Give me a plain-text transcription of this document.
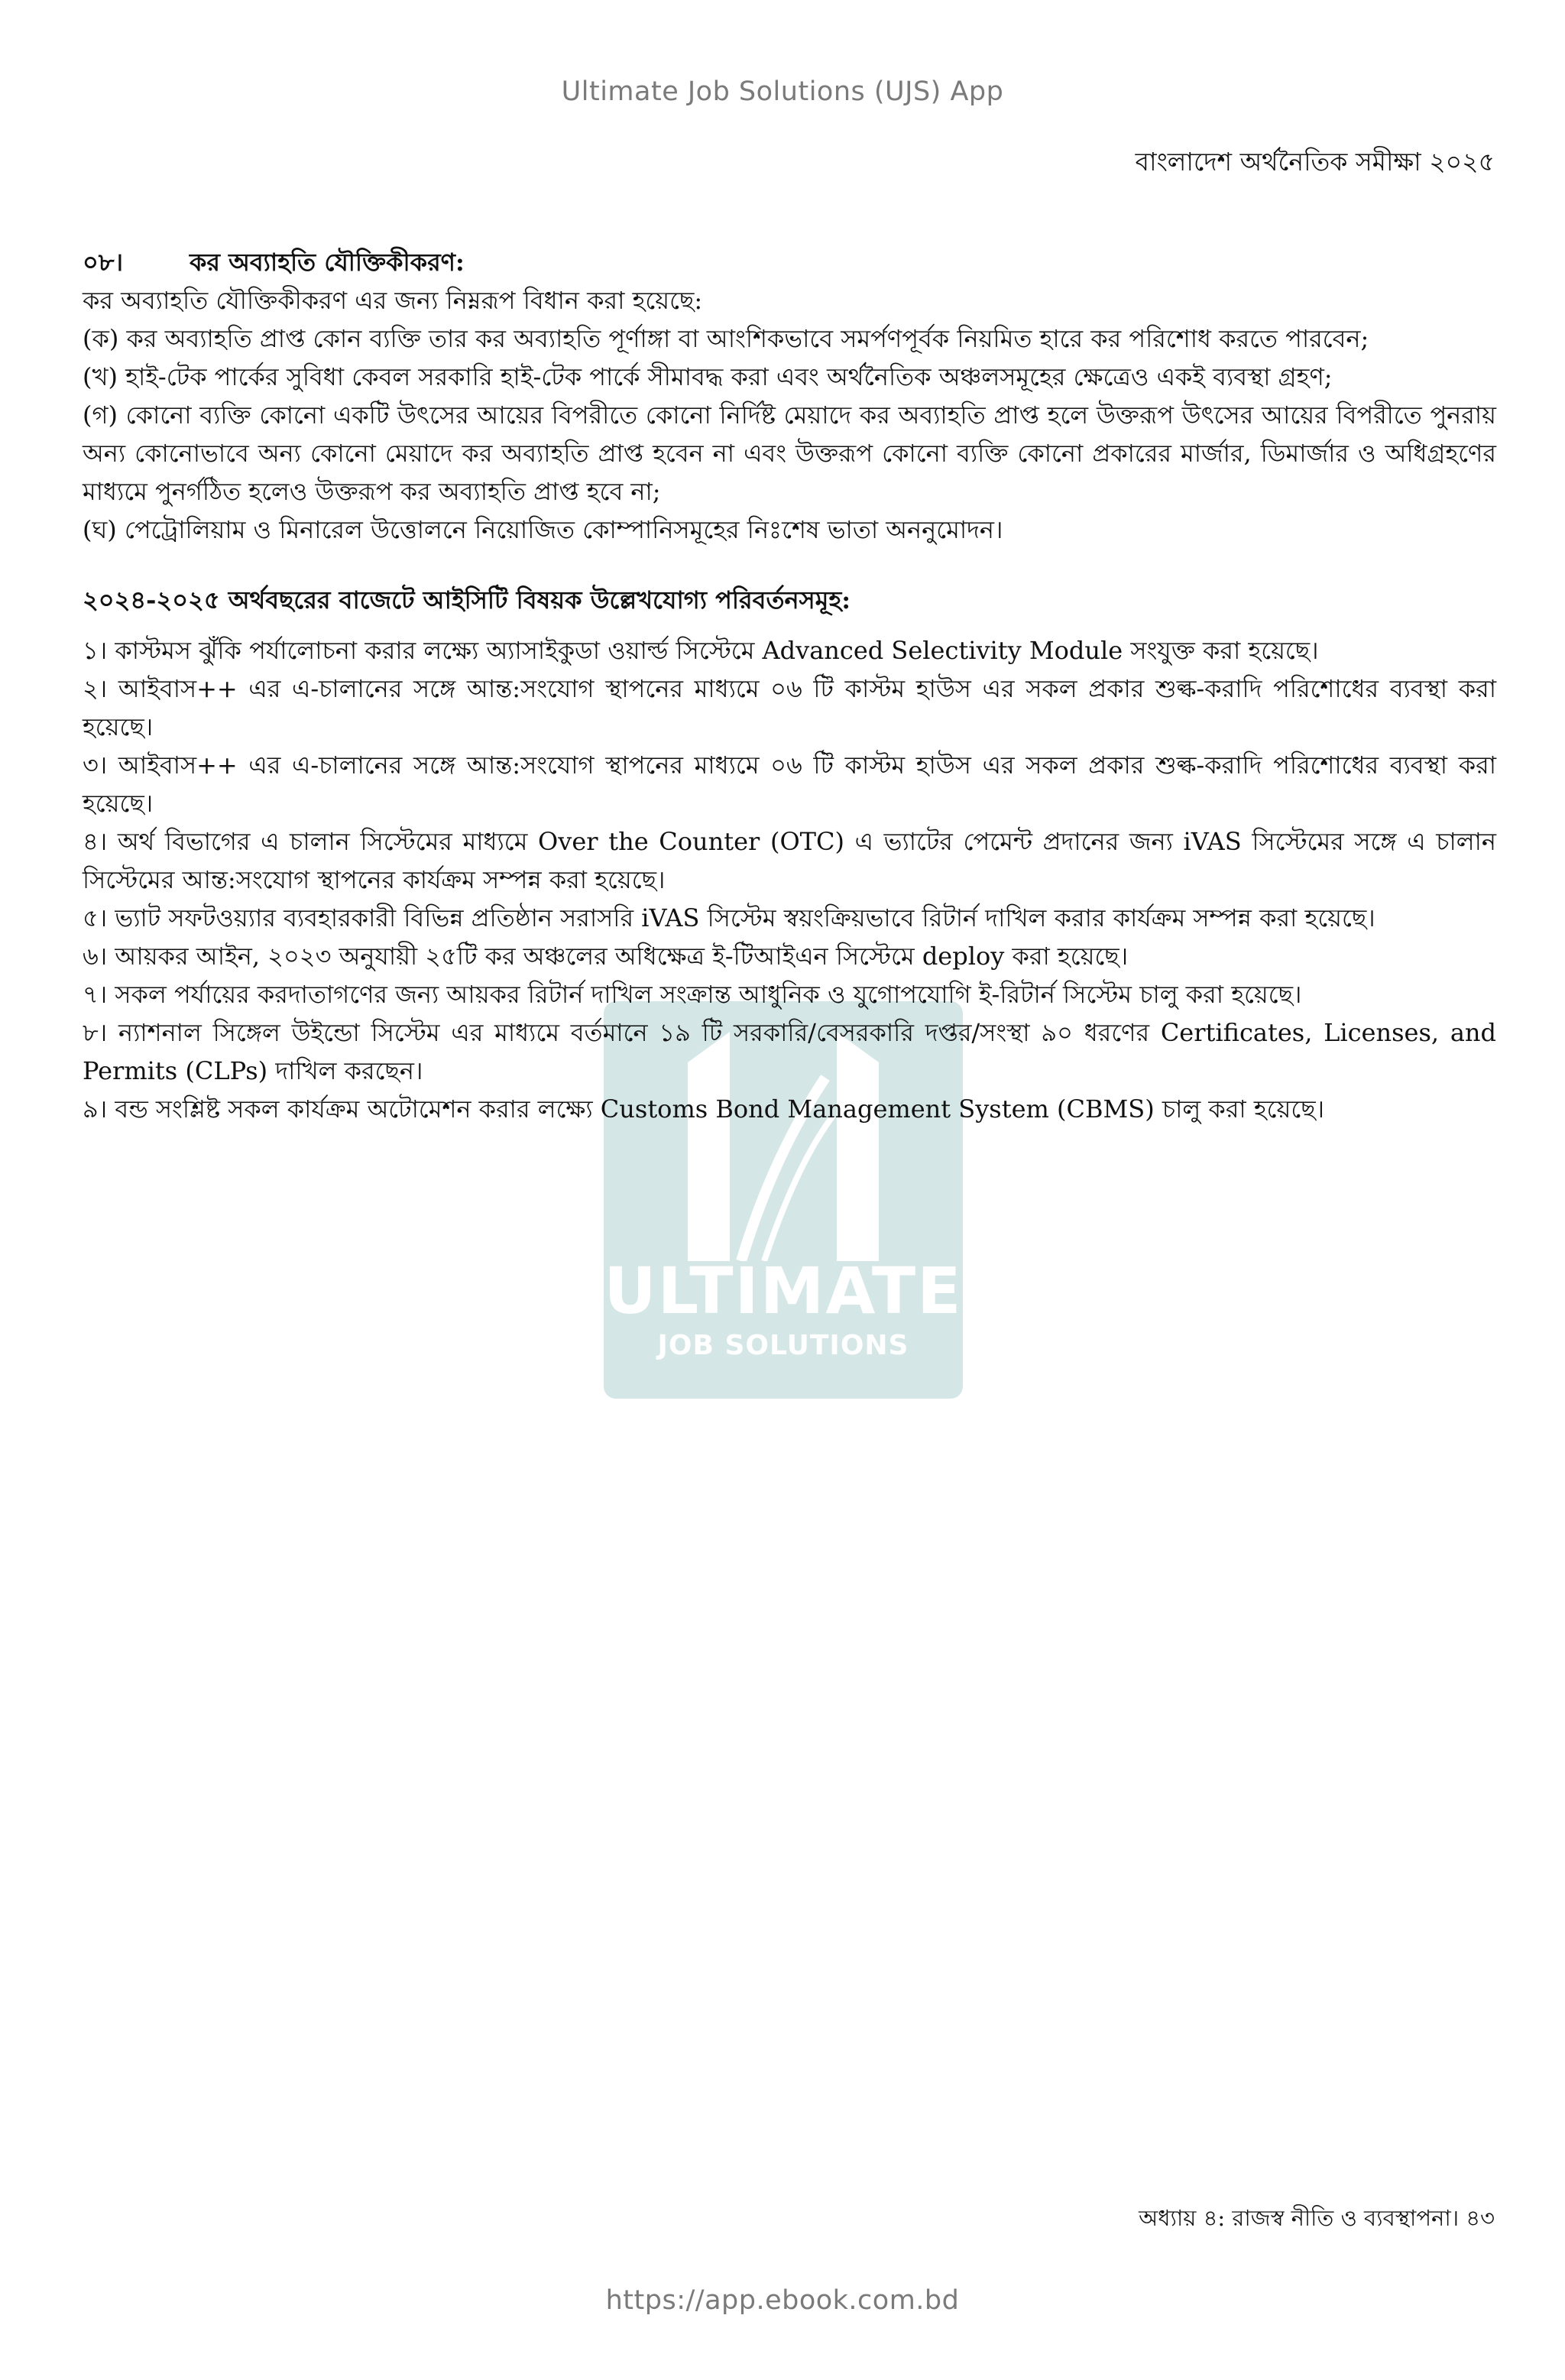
Ultimate Job Solutions (UJS) App
বাংলাদেশ অর্থনৈতিক সমীক্ষা ২০২৫
ULTIMATE
JOB SOLUTIONS
০৮।	কর অব্যাহতি যৌক্তিকীকরণ:

কর অব্যাহতি যৌক্তিকীকরণ এর জন্য নিম্নরূপ বিধান করা হয়েছে:

(ক) কর অব্যাহতি প্রাপ্ত কোন ব্যক্তি তার কর অব্যাহতি পূর্ণাঙ্গা বা আংশিকভাবে সমর্পণপূর্বক নিয়মিত হারে কর পরিশোধ করতে পারবেন;

(খ) হাই-টেক পার্কের সুবিধা কেবল সরকারি হাই-টেক পার্কে সীমাবদ্ধ করা এবং অর্থনৈতিক অঞ্চলসমূহের ক্ষেত্রেও একই ব্যবস্থা গ্রহণ;

(গ) কোনো ব্যক্তি কোনো একটি উৎসের আয়ের বিপরীতে কোনো নির্দিষ্ট মেয়াদে কর অব্যাহতি প্রাপ্ত হলে উক্তরূপ উৎসের আয়ের বিপরীতে পুনরায় অন্য কোনোভাবে অন্য কোনো মেয়াদে কর অব্যাহতি প্রাপ্ত হবেন না এবং উক্তরূপ কোনো ব্যক্তি কোনো প্রকারের মার্জার, ডিমার্জার ও অধিগ্রহণের মাধ্যমে পুনর্গঠিত হলেও উক্তরূপ কর অব্যাহতি প্রাপ্ত হবে না;

(ঘ) পেট্রোলিয়াম ও মিনারেল উত্তোলনে নিয়োজিত কোম্পানিসমূহের নিঃশেষ ভাতা অননুমোদন।

২০২৪-২০২৫ অর্থবছরের বাজেটে আইসিটি বিষয়ক উল্লেখযোগ্য পরিবর্তনসমূহ:

১। কাস্টমস ঝুঁকি পর্যালোচনা করার লক্ষ্যে অ্যাসাইকুডা ওয়ার্ল্ড সিস্টেমে Advanced Selectivity Module সংযুক্ত করা হয়েছে।

২। আইবাস++ এর এ-চালানের সঙ্গে আন্ত:সংযোগ স্থাপনের মাধ্যমে ০৬ টি কাস্টম হাউস এর সকল প্রকার শুল্ক-করাদি পরিশোধের ব্যবস্থা করা হয়েছে।

৩। আইবাস++ এর এ-চালানের সঙ্গে আন্ত:সংযোগ স্থাপনের মাধ্যমে ০৬ টি কাস্টম হাউস এর সকল প্রকার শুল্ক-করাদি পরিশোধের ব্যবস্থা করা হয়েছে।

৪। অর্থ বিভাগের এ চালান সিস্টেমের মাধ্যমে Over the Counter (OTC) এ ভ্যাটের পেমেন্ট প্রদানের জন্য iVAS সিস্টেমের সঙ্গে এ চালান সিস্টেমের আন্ত:সংযোগ স্থাপনের কার্যক্রম সম্পন্ন করা হয়েছে।

৫। ভ্যাট সফটওয়্যার ব্যবহারকারী বিভিন্ন প্রতিষ্ঠান সরাসরি iVAS সিস্টেম স্বয়ংক্রিয়ভাবে রিটার্ন দাখিল করার কার্যক্রম সম্পন্ন করা হয়েছে।

৬। আয়কর আইন, ২০২৩ অনুযায়ী ২৫টি কর অঞ্চলের অধিক্ষেত্র ই-টিআইএন সিস্টেমে deploy করা হয়েছে।

৭। সকল পর্যায়ের করদাতাগণের জন্য আয়কর রিটার্ন দাখিল সংক্রান্ত আধুনিক ও যুগোপযোগি ই-রিটার্ন সিস্টেম চালু করা হয়েছে।

৮। ন্যাশনাল সিঙ্গেল উইন্ডো সিস্টেম এর মাধ্যমে বর্তমানে ১৯ টি সরকারি/বেসরকারি দপ্তর/সংস্থা ৯০ ধরণের Certificates, Licenses, and Permits (CLPs) দাখিল করছেন।

৯। বন্ড সংশ্লিষ্ট সকল কার্যক্রম অটোমেশন করার লক্ষ্যে Customs Bond Management System (CBMS) চালু করা হয়েছে।

অধ্যায় ৪: রাজস্ব নীতি ও ব্যবস্থাপনা। ৪৩
https://app.ebook.com.bd
